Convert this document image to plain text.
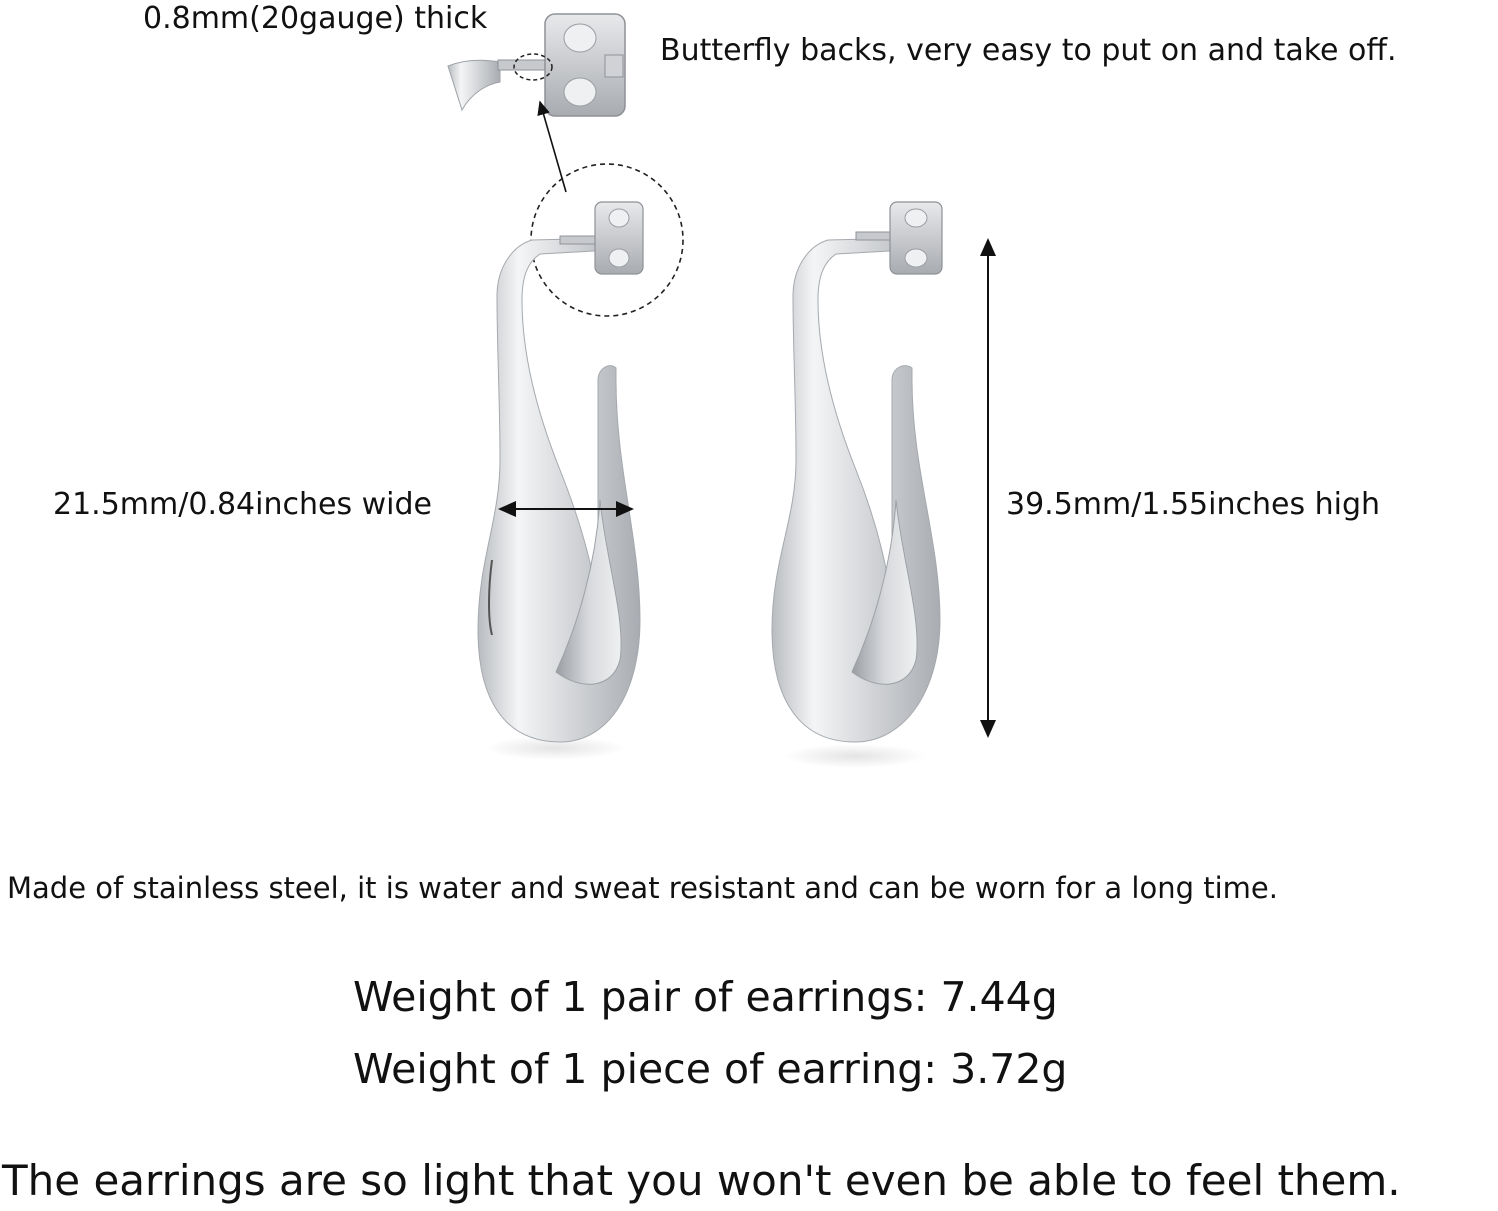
0.8mm(20gauge) thick
Butterfly backs, very easy to put on and take off.
21.5mm/0.84inches wide	39.5mm/1.55inches high
Made of stainless steel, it is water and sweat resistant and can be worn for a long time.
Weight of 1 pair of earrings: 7.44g
Weight of 1 piece of earring: 3.72g
The earrings are so light that you won't even be able to feel them.
